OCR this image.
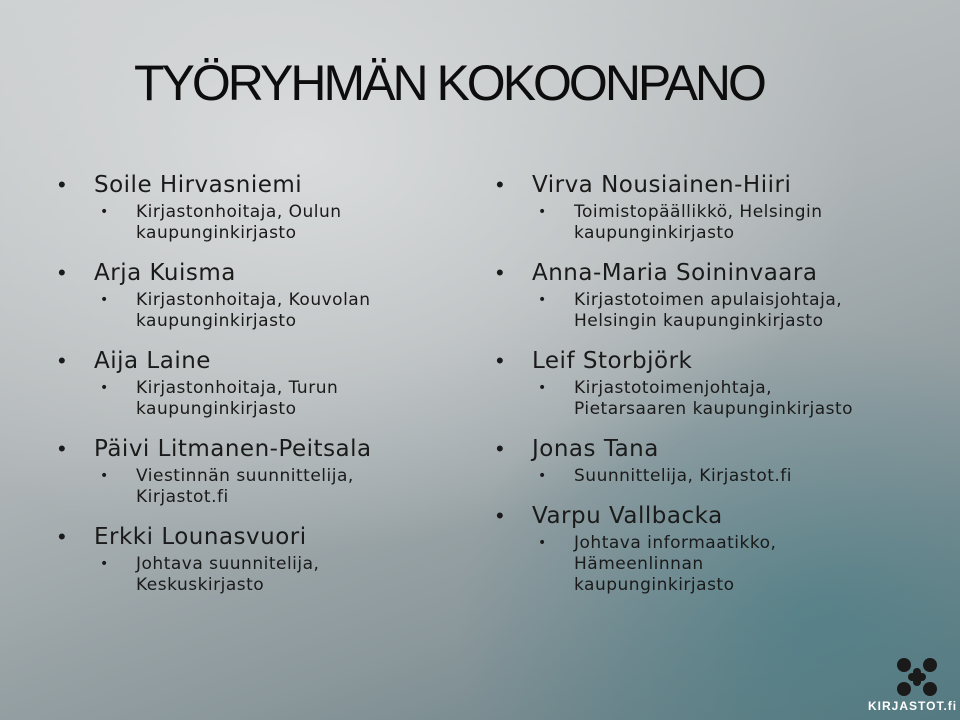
TYÖRYHMÄN KOKOONPANO
• Soile Hirvasniemi
• Kirjastonhoitaja, Oulun
kaupunginkirjasto
• Arja Kuisma
• Kirjastonhoitaja, Kouvolan
kaupunginkirjasto
• Aija Laine
• Kirjastonhoitaja, Turun
kaupunginkirjasto
• Päivi Litmanen-Peitsala
• Viestinnän suunnittelija,
Kirjastot.fi
• Erkki Lounasvuori
• Johtava suunnitelija,
Keskuskirjasto
• Virva Nousiainen-Hiiri
• Toimistopäällikkö, Helsingin
kaupunginkirjasto
• Anna-Maria Soininvaara
• Kirjastotoimen apulaisjohtaja,
Helsingin kaupunginkirjasto
• Leif Storbjörk
• Kirjastotoimenjohtaja,
Pietarsaaren kaupunginkirjasto
• Jonas Tana
• Suunnittelija, Kirjastot.fi
• Varpu Vallbacka
• Johtava informaatikko,
Hämeenlinnan
kaupunginkirjasto
KIRJASTOT.fi
